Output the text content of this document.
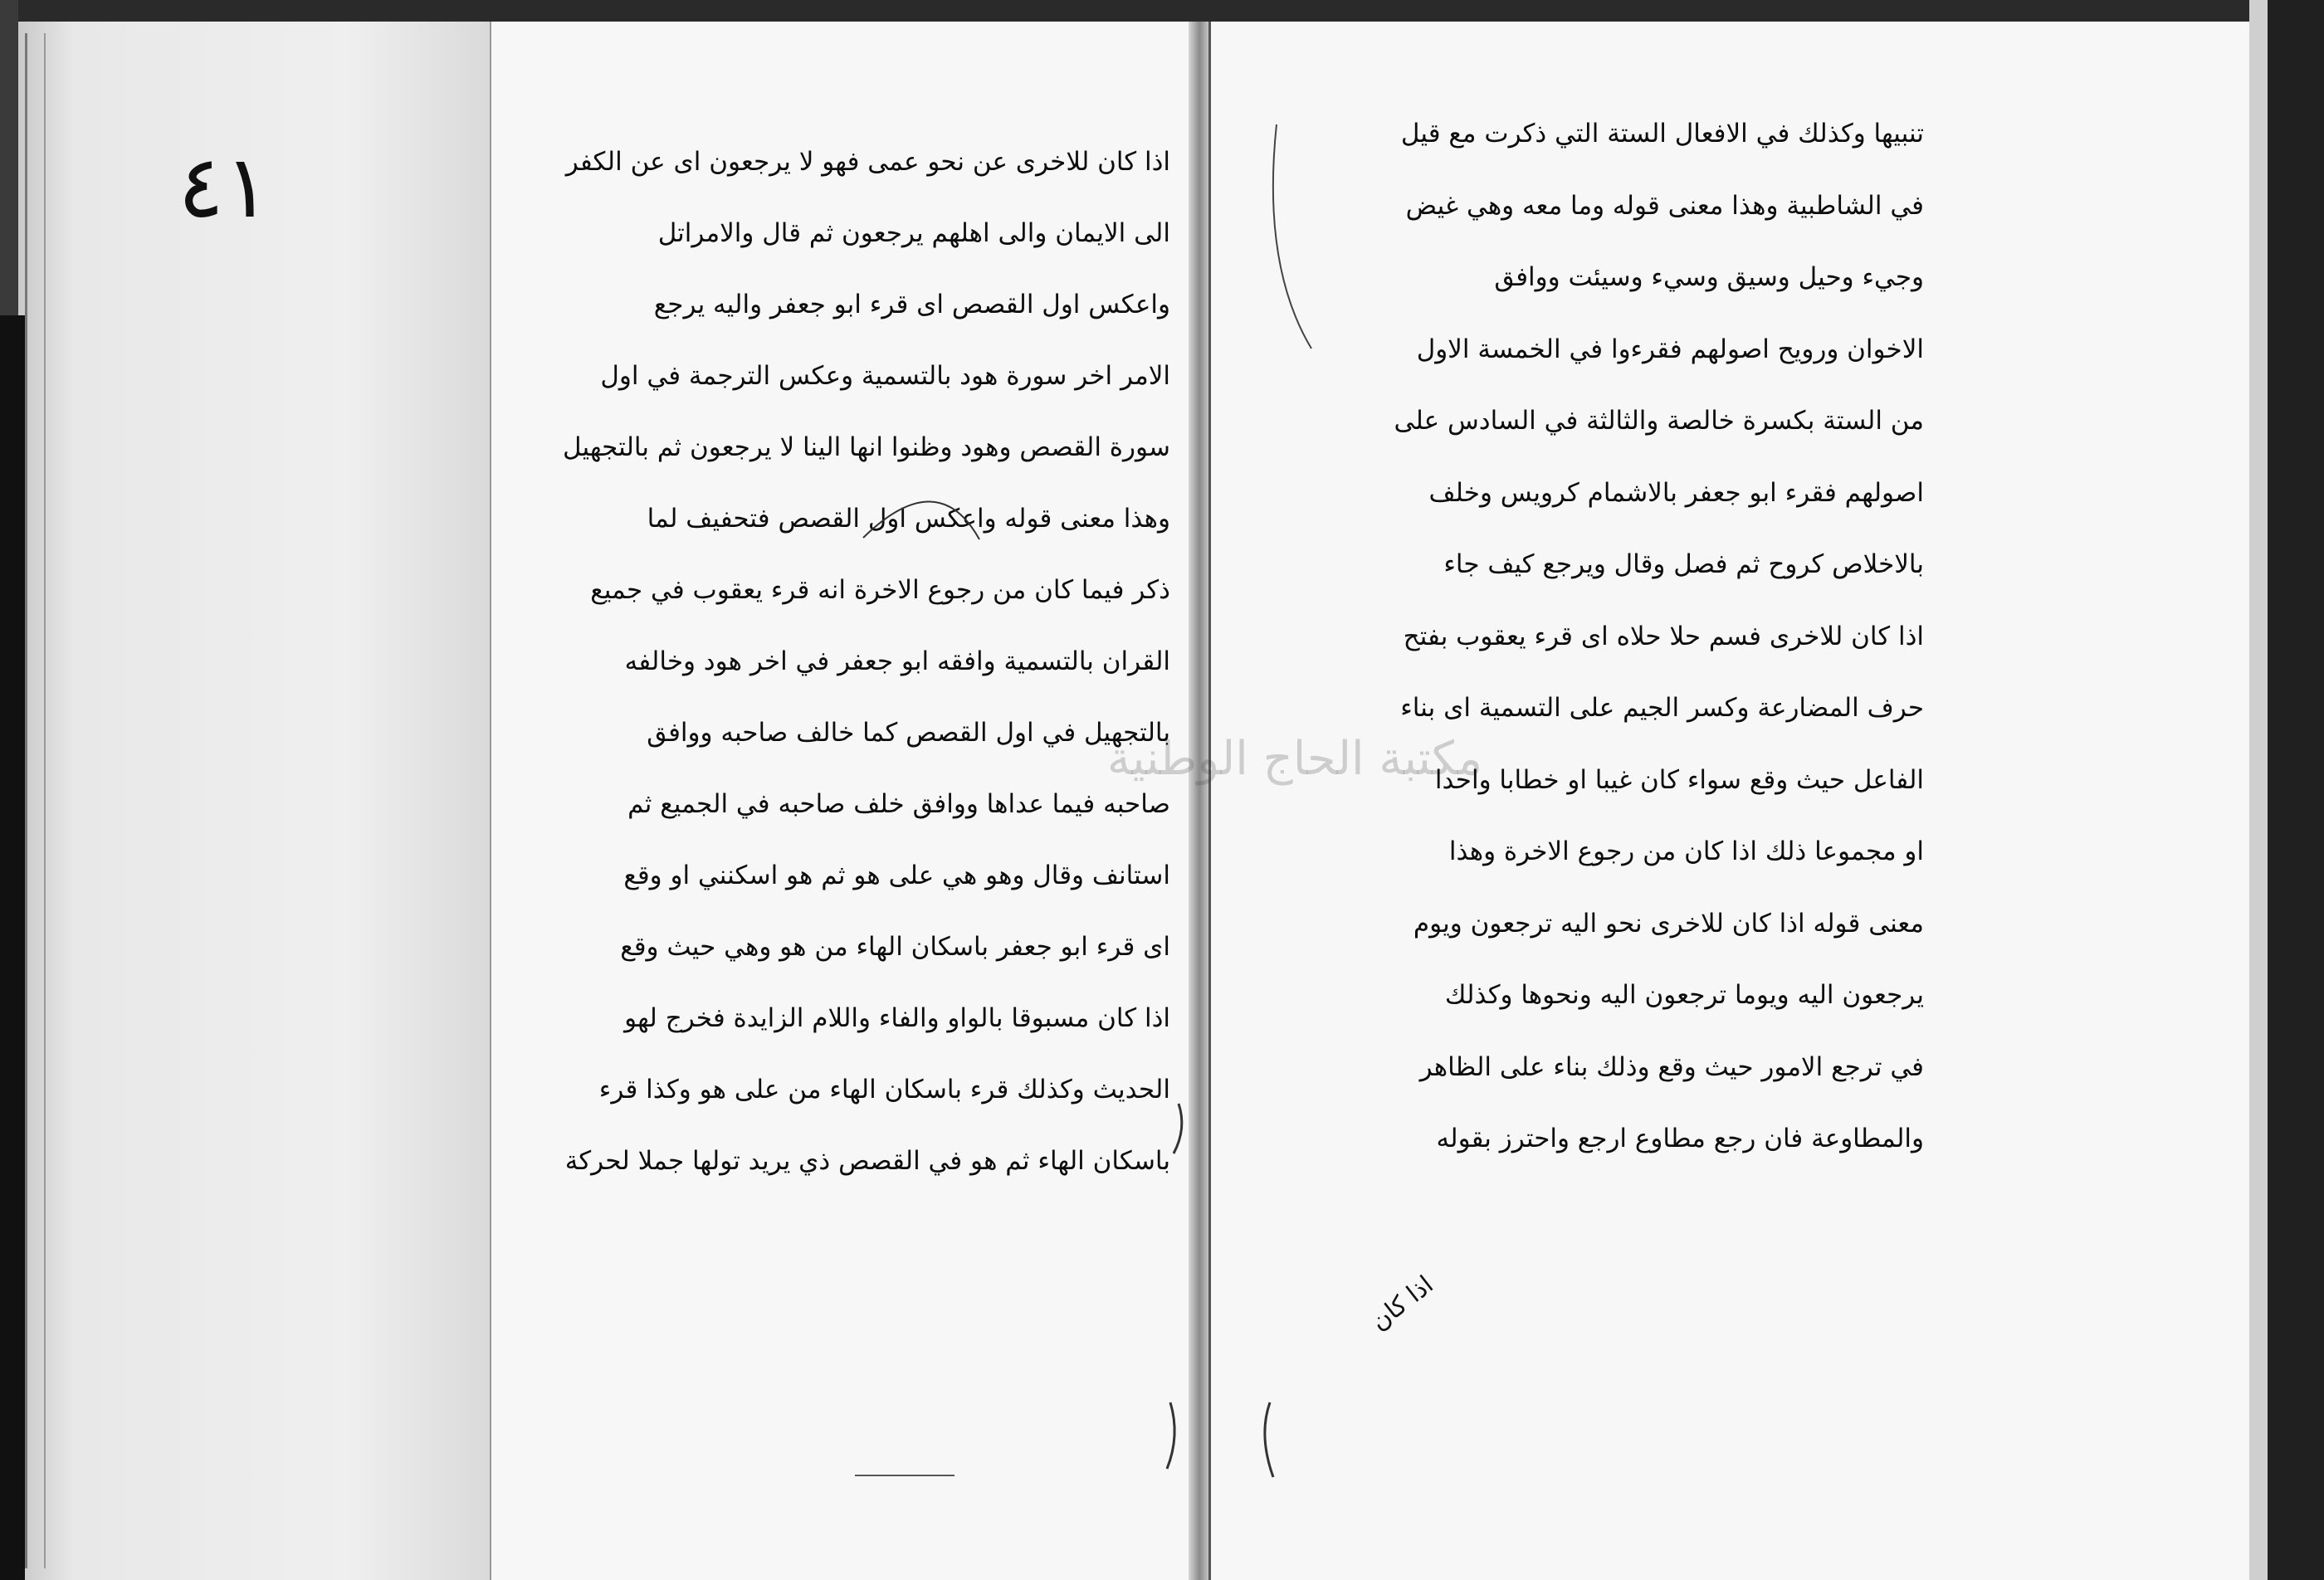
٤١
مكتبة الحاج الوطنية
اذا كان للاخرى عن نحو عمى فهو لا يرجعون اى عن الكفر
الى الايمان والى اهلهم يرجعون ثم قال والامراتل
واعكس اول القصص اى قرء ابو جعفر واليه يرجع
الامر اخر سورة هود بالتسمية وعكس الترجمة في اول
سورة القصص وهود وظنوا انها الينا لا يرجعون ثم بالتجهيل
وهذا معنى قوله واعكس اول القصص فتحفيف لما
ذكر فيما كان من رجوع الاخرة انه قرء يعقوب في جميع
القران بالتسمية وافقه ابو جعفر في اخر هود وخالفه
بالتجهيل في اول القصص كما خالف صاحبه ووافق
صاحبه فيما عداها ووافق خلف صاحبه في الجميع ثم
استانف وقال وهو هي على هو ثم هو اسكنني او وقع
اى قرء ابو جعفر باسكان الهاء من هو وهي حيث وقع
اذا كان مسبوقا بالواو والفاء واللام الزايدة فخرج لهو
الحديث وكذلك قرء باسكان الهاء من على هو وكذا قرء
باسكان الهاء ثم هو في القصص ذي يريد تولها جملا لحركة
تنبيها وكذلك في الافعال الستة التي ذكرت مع قيل
في الشاطبية وهذا معنى قوله وما معه وهي غيض
وجيء وحيل وسيق وسيء وسيئت ووافق
الاخوان ورويح اصولهم فقرءوا في الخمسة الاول
من الستة بكسرة خالصة والثالثة في السادس على
اصولهم فقرء ابو جعفر بالاشمام كرويس وخلف
بالاخلاص كروح ثم فصل وقال ويرجع كيف جاء
اذا كان للاخرى فسم حلا حلاه اى قرء يعقوب بفتح
حرف المضارعة وكسر الجيم على التسمية اى بناء
الفاعل حيث وقع سواء كان غيبا او خطابا واحدا
او مجموعا ذلك اذا كان من رجوع الاخرة وهذا
معنى قوله اذا كان للاخرى نحو اليه ترجعون ويوم
يرجعون اليه ويوما ترجعون اليه ونحوها وكذلك
في ترجع الامور حيث وقع وذلك بناء على الظاهر
والمطاوعة فان رجع مطاوع ارجع واحترز بقوله
اذا كان
